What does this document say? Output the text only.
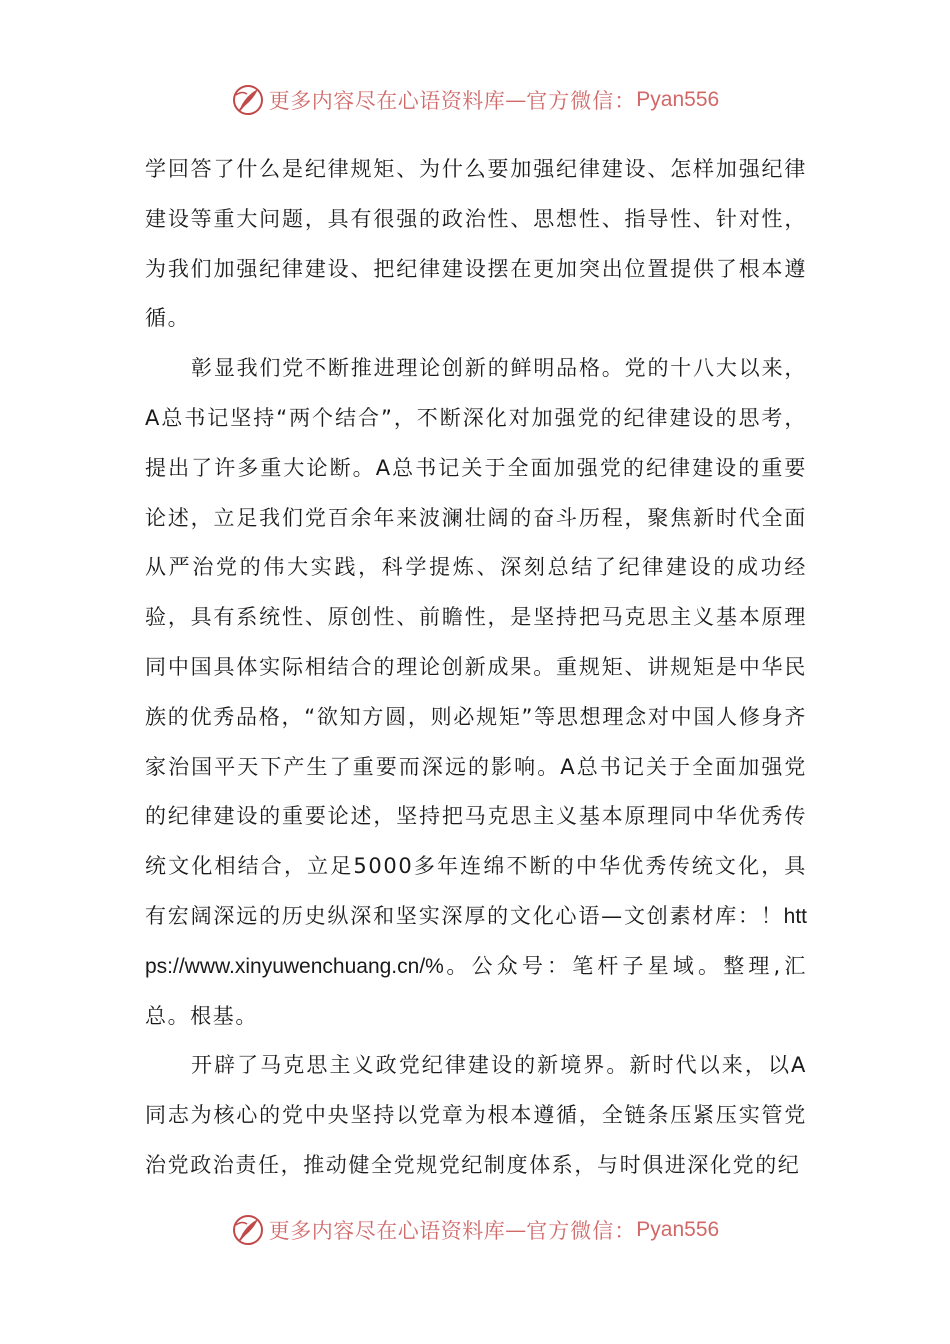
更多内容尽在心语资料库 — 官方微信： Pyan556

学回答了什么是纪律规矩、为什么要加强纪律建设、怎样加强纪律建设等重大问题，具有很强的政治性、思想性、指导性、针对性，为我们加强纪律建设、把纪律建设摆在更加突出位置提供了根本遵循。

彰显我们党不断推进理论创新的鲜明品格。党的十八大以来，A总书记坚持“两个结合”，不断深化对加强党的纪律建设的思考，提出了许多重大论断。A总书记关于全面加强党的纪律建设的重要论述，立足我们党百余年来波澜壮阔的奋斗历程，聚焦新时代全面从严治党的伟大实践，科学提炼、深刻总结了纪律建设的成功经验，具有系统性、原创性、前瞻性，是坚持把马克思主义基本原理同中国具体实际相结合的理论创新成果。重规矩、讲规矩是中华民族的优秀品格，“欲知方圆，则必规矩”等思想理念对中国人修身齐家治国平天下产生了重要而深远的影响。A总书记关于全面加强党的纪律建设的重要论述，坚持把马克思主义基本原理同中华优秀传统文化相结合，立足5000多年连绵不断的中华优秀传统文化，具有宏阔深远的历史纵深和坚实深厚的文化心语—文创素材库：！https://www.xinyuwenchuang.cn/%。公众号：笔杆子星域。整理,汇总。根基。

开辟了马克思主义政党纪律建设的新境界。新时代以来，以A同志为核心的党中央坚持以党章为根本遵循，全链条压紧压实管党治党政治责任，推动健全党规党纪制度体系，与时俱进深化党的纪

更多内容尽在心语资料库 — 官方微信： Pyan556
